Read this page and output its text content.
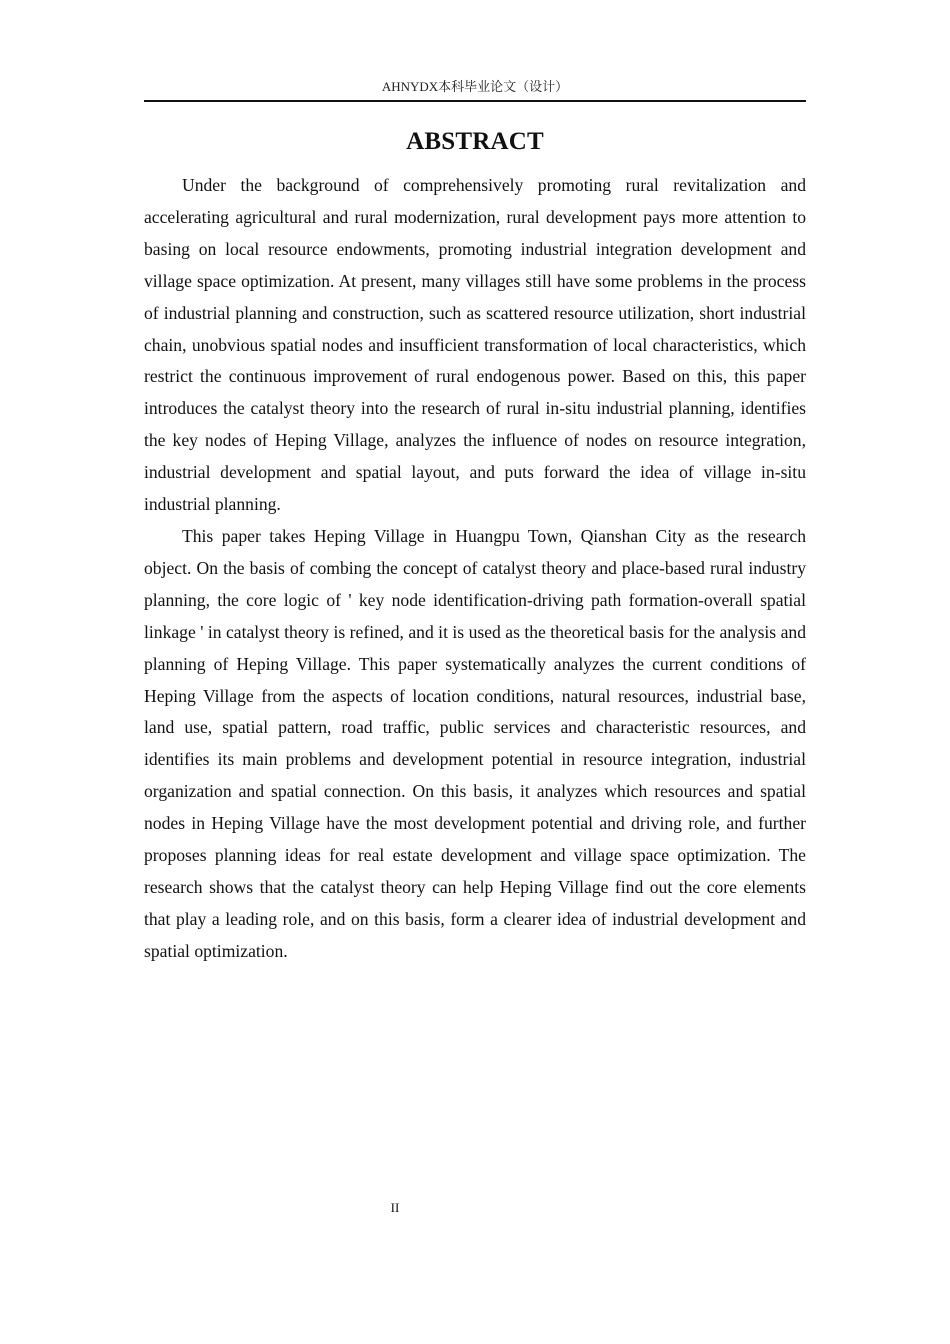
AHNYDX本科毕业论文（设计）
ABSTRACT

Under the background of comprehensively promoting rural revitalization and accelerating agricultural and rural modernization, rural development pays more attention to basing on local resource endowments, promoting industrial integration development and village space optimization. At present, many villages still have some problems in the process of industrial planning and construction, such as scattered resource utilization, short industrial chain, unobvious spatial nodes and insufficient transformation of local characteristics, which restrict the continuous improvement of rural endogenous power. Based on this, this paper introduces the catalyst theory into the research of rural in-situ industrial planning, identifies the key nodes of Heping Village, analyzes the influence of nodes on resource integration, industrial development and spatial layout, and puts forward the idea of village in-situ industrial planning.

This paper takes Heping Village in Huangpu Town, Qianshan City as the research object. On the basis of combing the concept of catalyst theory and place-based rural industry planning, the core logic of ' key node identification-driving path formation-overall spatial linkage ' in catalyst theory is refined, and it is used as the theoretical basis for the analysis and planning of Heping Village. This paper systematically analyzes the current conditions of Heping Village from the aspects of location conditions, natural resources, industrial base, land use, spatial pattern, road traffic, public services and characteristic resources, and identifies its main problems and development potential in resource integration, industrial organization and spatial connection. On this basis, it analyzes which resources and spatial nodes in Heping Village have the most development potential and driving role, and further proposes planning ideas for real estate development and village space optimization. The research shows that the catalyst theory can help Heping Village find out the core elements that play a leading role, and on this basis, form a clearer idea of industrial development and spatial optimization.

II
